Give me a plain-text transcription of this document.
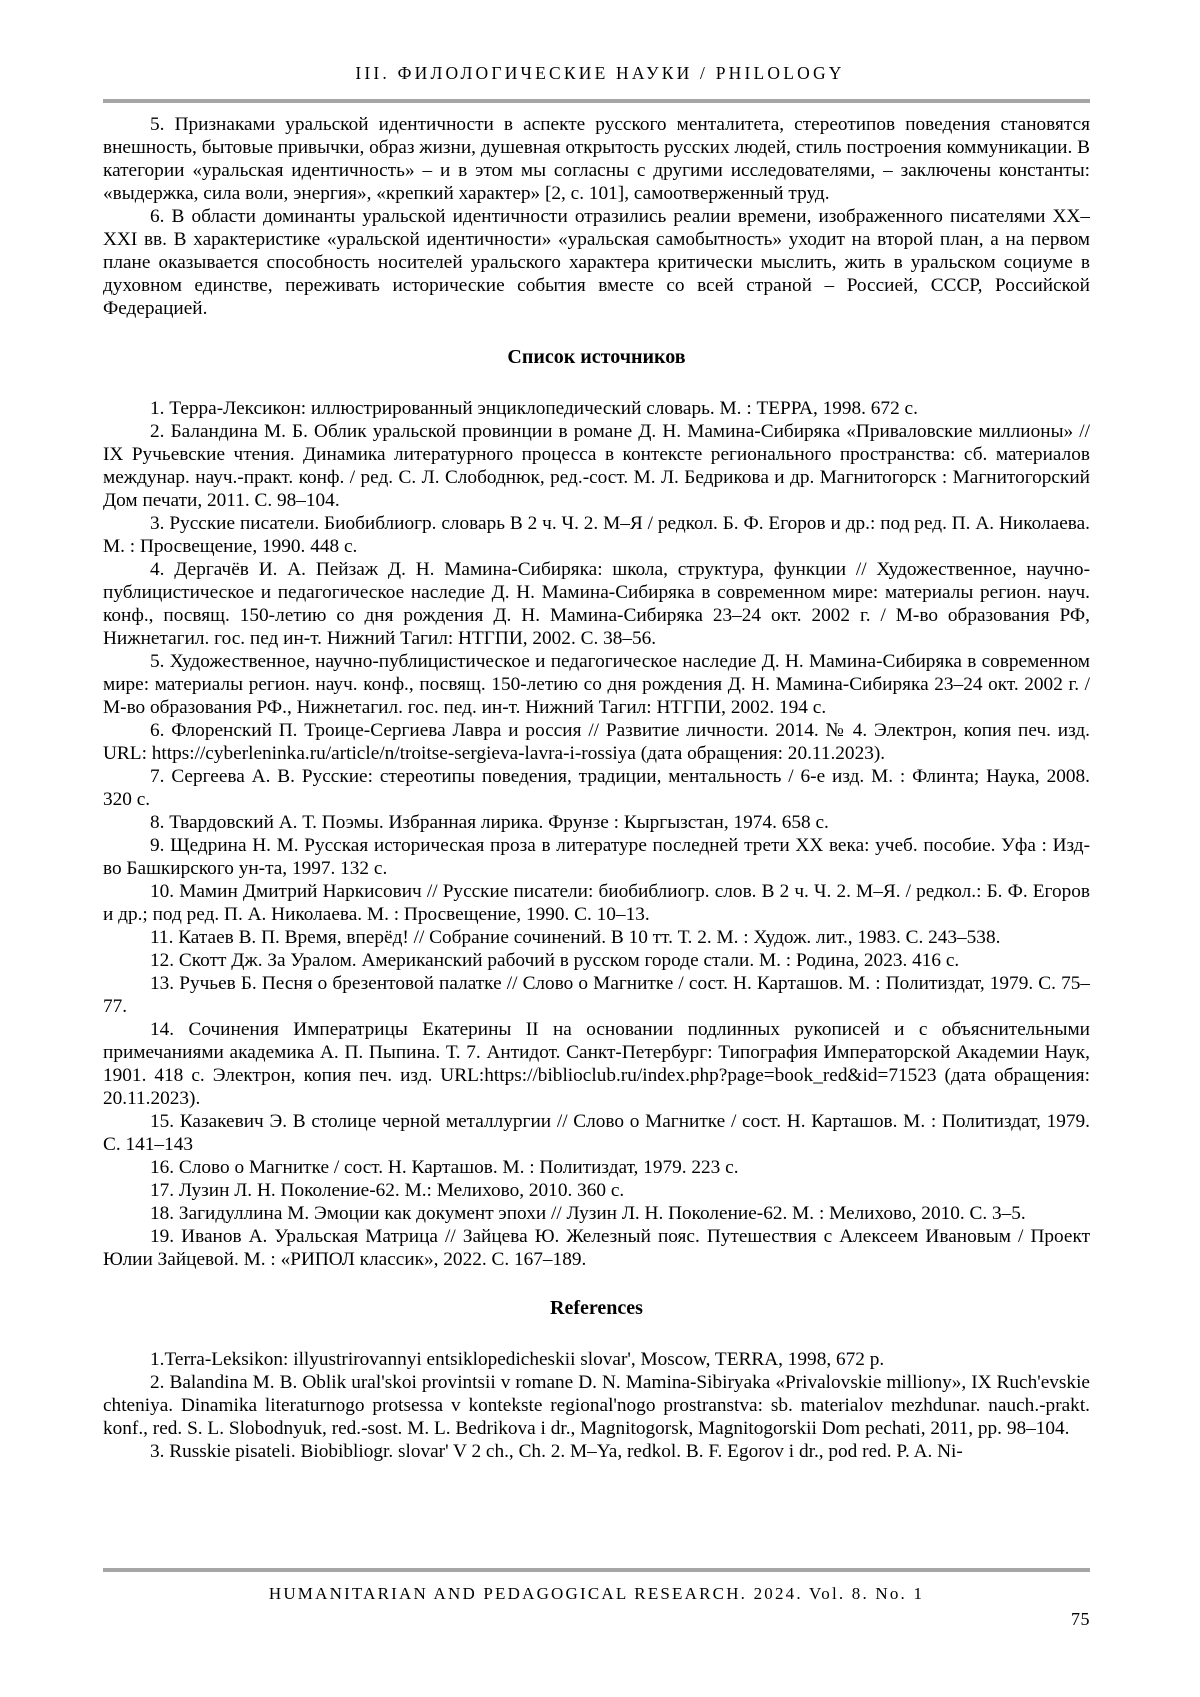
III. ФИЛОЛОГИЧЕСКИЕ НАУКИ / PHILOLOGY

5. Признаками уральской идентичности в аспекте русского менталитета, стереотипов поведения становятся внешность, бытовые привычки, образ жизни, душевная открытость русских людей, стиль построения коммуникации. В категории «уральская идентичность» – и в этом мы согласны с другими исследователями, – заключены константы: «выдержка, сила воли, энергия», «крепкий характер» [2, с. 101], самоотверженный труд.

6. В области доминанты уральской идентичности отразились реалии времени, изображенного писателями XX–XXI вв. В характеристике «уральской идентичности» «уральская самобытность» уходит на второй план, а на первом плане оказывается способность носителей уральского характера критически мыслить, жить в уральском социуме в духовном единстве, переживать исторические события вместе со всей страной – Россией, СССР, Российской Федерацией.

Список источников

1. Терра-Лексикон: иллюстрированный энциклопедический словарь. М. : ТЕРРА, 1998. 672 с.

2. Баландина М. Б. Облик уральской провинции в романе Д. Н. Мамина-Сибиряка «Приваловские миллионы» // IX Ручьевские чтения. Динамика литературного процесса в контексте регионального пространства: сб. материалов междунар. науч.-практ. конф. / ред. С. Л. Слободнюк, ред.-сост. М. Л. Бедрикова и др. Магнитогорск : Магнитогорский Дом печати, 2011. С. 98–104.

3. Русские писатели. Биобиблиогр. словарь В 2 ч. Ч. 2. М–Я / редкол. Б. Ф. Егоров и др.: под ред. П. А. Николаева. М. : Просвещение, 1990. 448 с.

4. Дергачёв И. А. Пейзаж Д. Н. Мамина-Сибиряка: школа, структура, функции // Художественное, научно-публицистическое и педагогическое наследие Д. Н. Мамина-Сибиряка в современном мире: материалы регион. науч. конф., посвящ. 150-летию со дня рождения Д. Н. Мамина-Сибиряка 23–24 окт. 2002 г. / М-во образования РФ, Нижнетагил. гос. пед ин-т. Нижний Тагил: НТГПИ, 2002. С. 38–56.

5. Художественное, научно-публицистическое и педагогическое наследие Д. Н. Мамина-Сибиряка в современном мире: материалы регион. науч. конф., посвящ. 150-летию со дня рождения Д. Н. Мамина-Сибиряка 23–24 окт. 2002 г. / М-во образования РФ., Нижнетагил. гос. пед. ин-т. Нижний Тагил: НТГПИ, 2002. 194 с.

6. Флоренский П. Троице-Сергиева Лавра и россия // Развитие личности. 2014. № 4. Электрон, копия печ. изд. URL: https://cyberleninka.ru/article/n/troitse-sergieva-lavra-i-rossiya (дата обращения: 20.11.2023).

7. Сергеева А. В. Русские: стереотипы поведения, традиции, ментальность / 6-е изд. М. : Флинта; Наука, 2008. 320 с.

8. Твардовский А. Т. Поэмы. Избранная лирика. Фрунзе : Кыргызстан, 1974. 658 с.

9. Щедрина Н. М. Русская историческая проза в литературе последней трети XX века: учеб. пособие. Уфа : Изд-во Башкирского ун-та, 1997. 132 с.

10. Мамин Дмитрий Наркисович // Русские писатели: биобиблиогр. слов. В 2 ч. Ч. 2. М–Я. / редкол.: Б. Ф. Егоров и др.; под ред. П. А. Николаева. М. : Просвещение, 1990. С. 10–13.

11. Катаев В. П. Время, вперёд! // Собрание сочинений. В 10 тт. Т. 2. М. : Худож. лит., 1983. С. 243–538.

12. Скотт Дж. За Уралом. Американский рабочий в русском городе стали. М. : Родина, 2023. 416 с.

13. Ручьев Б. Песня о брезентовой палатке // Слово о Магнитке / сост. Н. Карташов. М. : Политиздат, 1979. С. 75–77.

14. Сочинения Императрицы Екатерины II на основании подлинных рукописей и с объяснительными примечаниями академика А. П. Пыпина. Т. 7. Антидот. Санкт-Петербург: Типография Императорской Академии Наук, 1901. 418 с. Электрон, копия печ. изд. URL:https://biblioclub.ru/index.php?page=book_red&id=71523 (дата обращения: 20.11.2023).

15. Казакевич Э. В столице черной металлургии // Слово о Магнитке / сост. Н. Карташов. М. : Политиздат, 1979. С. 141–143

16. Слово о Магнитке / сост. Н. Карташов. М. : Политиздат, 1979. 223 с.

17. Лузин Л. Н. Поколение-62. М.: Мелихово, 2010. 360 с.

18. Загидуллина М. Эмоции как документ эпохи // Лузин Л. Н. Поколение-62. М. : Мелихово, 2010. С. 3–5.

19. Иванов А. Уральская Матрица // Зайцева Ю. Железный пояс. Путешествия с Алексеем Ивановым / Проект Юлии Зайцевой. М. : «РИПОЛ классик», 2022. С. 167–189.

References

1.Terra-Leksikon: illyustrirovannyi entsiklopedicheskii slovar', Moscow, TERRA, 1998, 672 p.

2. Balandina M. B. Oblik ural'skoi provintsii v romane D. N. Mamina-Sibiryaka «Privalovskie milliony», IX Ruch'evskie chteniya. Dinamika literaturnogo protsessa v kontekste regional'nogo prostranstva: sb. materialov mezhdunar. nauch.-prakt. konf., red. S. L. Slobodnyuk, red.-sost. M. L. Bedrikova i dr., Magnitogorsk, Magnitogorskii Dom pechati, 2011, pp. 98–104.

3. Russkie pisateli. Biobibliogr. slovar' V 2 ch., Ch. 2. M–Ya, redkol. B. F. Egorov i dr., pod red. P. A. Ni-

HUMANITARIAN AND PEDAGOGICAL RESEARCH. 2024. Vol. 8. No. 1
75
